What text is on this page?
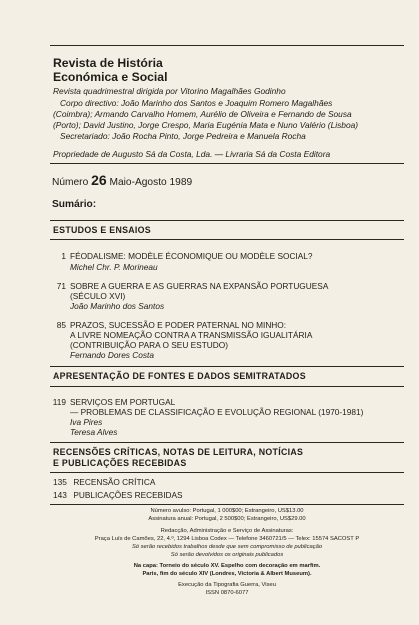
Revista de História
Económica e Social
Revista quadrimestral dirigida por Vitorino Magalhães Godinho
Corpo directivo: João Marinho dos Santos e Joaquim Romero Magalhães
(Coimbra); Armando Carvalho Homem, Aurélio de Oliveira e Fernando de Sousa
(Porto); David Justino, Jorge Crespo, Maria Eugénia Mata e Nuno Valério (Lisboa)
Secretariado: João Rocha Pinto, Jorge Pedreira e Manuela Rocha
Propriedade de Augusto Sá da Costa, Lda. — Livraria Sá da Costa Editora
Número 26 Maio-Agosto 1989
Sumário:
ESTUDOS E ENSAIOS
1 FÉODALISME: MODÈLE ÉCONOMIQUE OU MODÈLE SOCIAL?
Michel Chr. P. Morineau
71 SOBRE A GUERRA E AS GUERRAS NA EXPANSÃO PORTUGUESA
(SÉCULO XVI)
João Marinho dos Santos
85 PRAZOS, SUCESSÃO E PODER PATERNAL NO MINHO:
A LIVRE NOMEAÇÃO CONTRA A TRANSMISSÃO IGUALITÁRIA
(CONTRIBUIÇÃO PARA O SEU ESTUDO)
Fernando Dores Costa
APRESENTAÇÃO DE FONTES E DADOS SEMITRATADOS
119 SERVIÇOS EM PORTUGAL
— PROBLEMAS DE CLASSIFICAÇÃO E EVOLUÇÃO REGIONAL (1970-1981)
Iva Pires
Teresa Alves
RECENSÕES CRÍTICAS, NOTAS DE LEITURA, NOTÍCIAS
E PUBLICAÇÕES RECEBIDAS
135 RECENSÃO CRÍTICA
143 PUBLICAÇÕES RECEBIDAS
Número avulso: Portugal, 1 000$00; Estrangeiro, US$13.00
Assinatura anual: Portugal, 2 500$00; Estrangeiro, US$29.00
Redacção, Administração e Serviço de Assinaturas:
Praça Luís de Camões, 22, 4.º, 1294 Lisboa Codex — Telefone 3460721/5 — Telex: 15574 SACOST P
Só serão recebidos trabalhos desde que sem compromisso de publicação
Só serão devolvidos os originais publicados
Na capa: Torneio do século XV. Espelho com decoração em marfim.
Paris, fim do século XIV (Londres, Victoria & Albert Museum).
Execução da Tipografia Guerra, Viseu
ISSN 0870-6077
